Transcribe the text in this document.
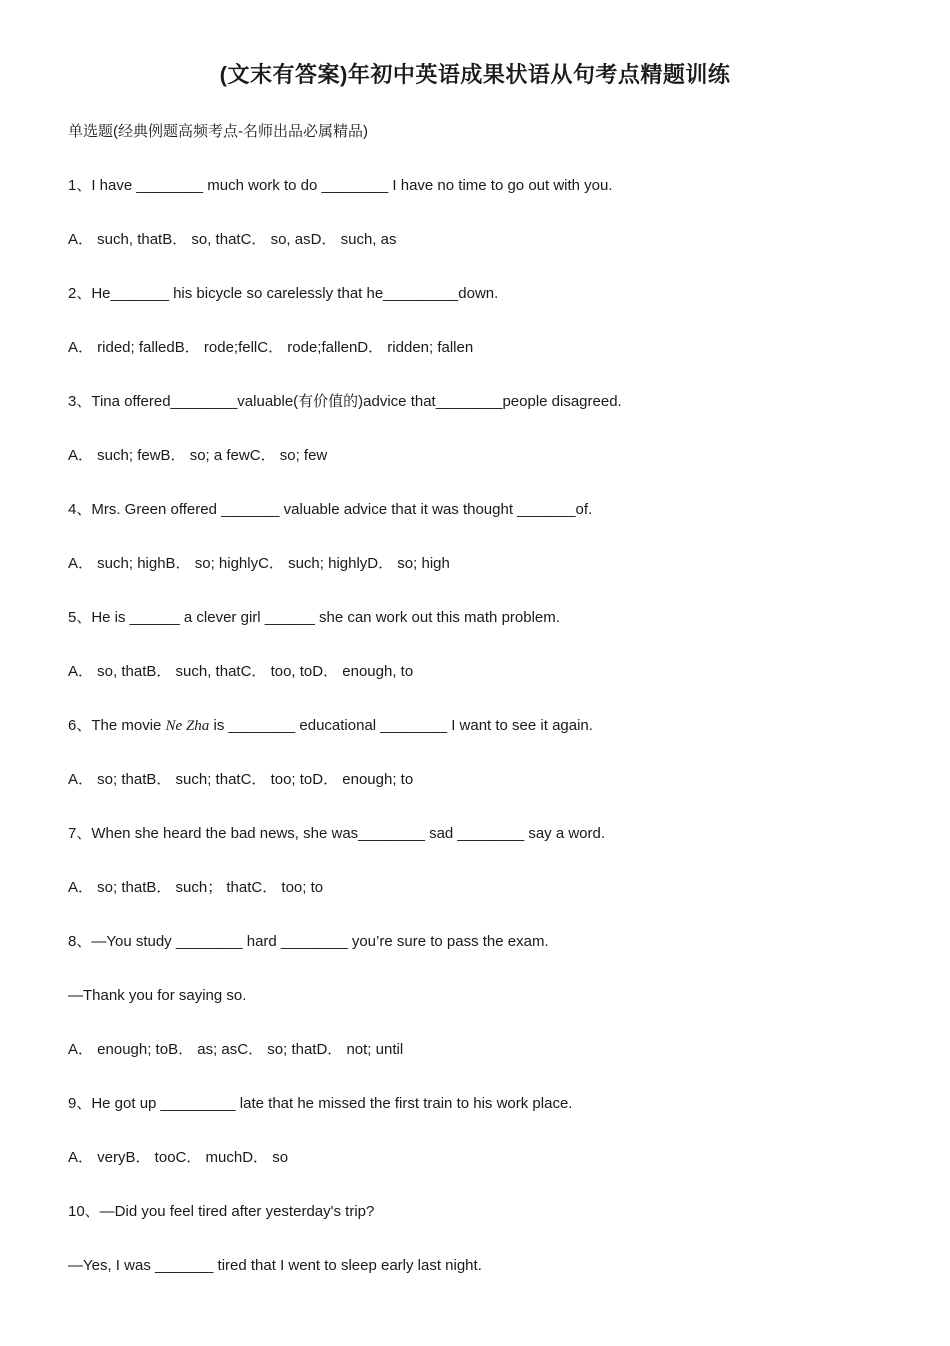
(文末有答案)年初中英语成果状语从句考点精题训练
单选题(经典例题高频考点-名师出品必属精品)
1、I have ________ much work to do ________ I have no time to go out with you.
A． such, thatB． so, thatC． so, asD． such, as
2、He_______ his bicycle so carelessly that he_________down.
A． rided; falledB． rode;fellC． rode;fallenD． ridden; fallen
3、Tina offered________valuable(有价值的)advice that________people disagreed.
A． such; fewB． so; a fewC． so; few
4、Mrs. Green offered _______ valuable advice that it was thought _______of.
A． such; highB． so; highlyC． such; highlyD． so; high
5、He is ______ a clever girl ______ she can work out this math problem.
A． so, thatB． such, thatC． too, toD． enough, to
6、The movie Ne Zha is ________ educational ________ I want to see it again.
A． so; thatB． such; thatC． too; toD． enough; to
7、When she heard the bad news, she was________ sad ________ say a word.
A． so; thatB． such； thatC． too; to
8、—You study ________ hard ________ you’re sure to pass the exam.
—Thank you for saying so.
A． enough; toB． as; asC． so; thatD． not; until
9、He got up _________ late that he missed the first train to his work place.
A． veryB． tooC． muchD． so
10、—Did you feel tired after yesterday's trip?
—Yes, I was _______ tired that I went to sleep early last night.
